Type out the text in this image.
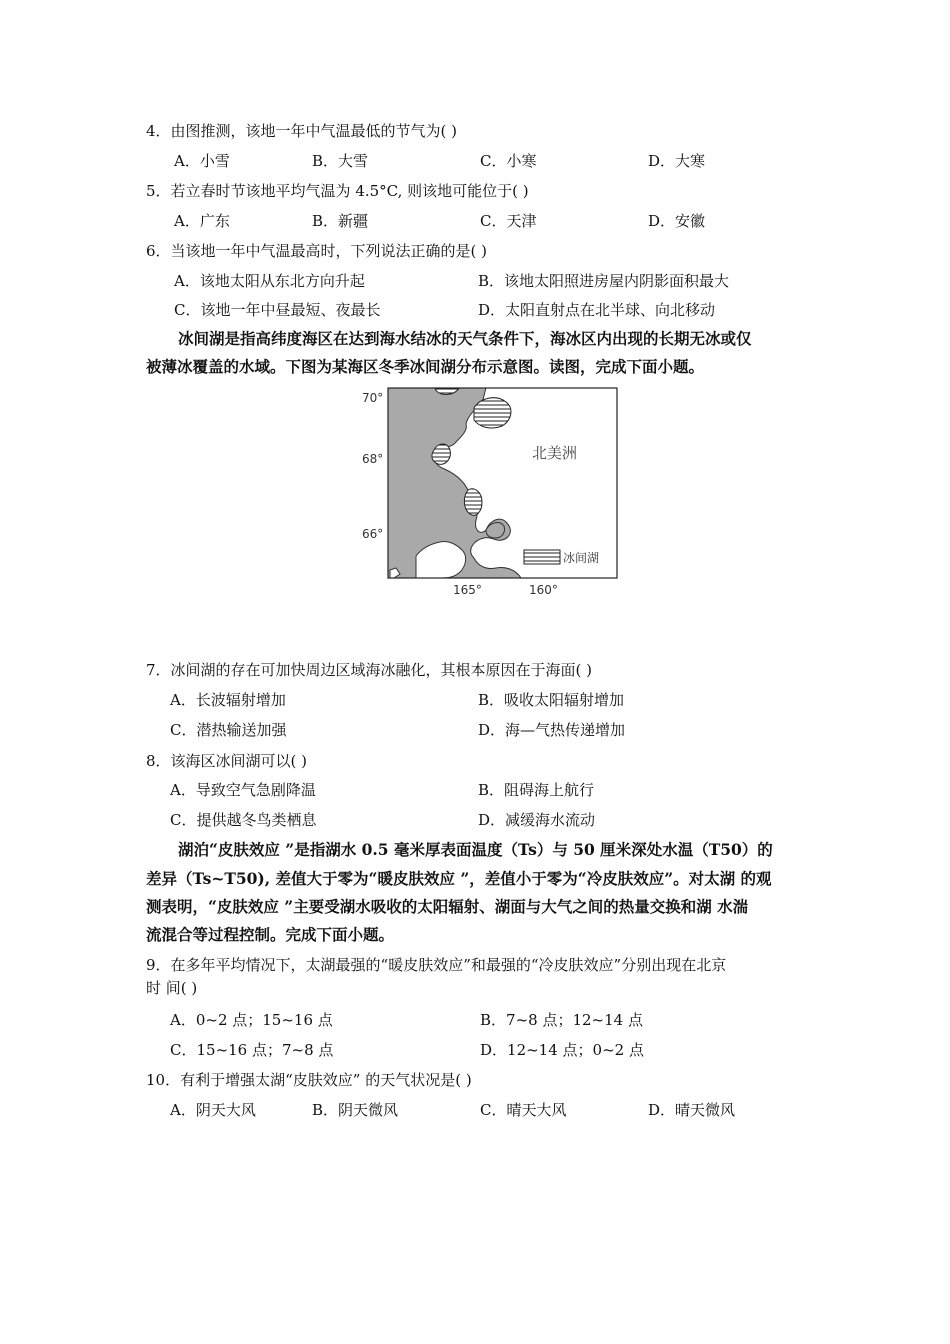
4．由图推测，该地一年中气温最低的节气为( )
A．小雪	B．大雪	C．小寒	D．大寒
5．若立春时节该地平均气温为 4.5°C, 则该地可能位于( )
A．广东	B．新疆	C．天津	D．安徽
6．当该地一年中气温最高时，下列说法正确的是( )
A．该地太阳从东北方向升起	B．该地太阳照进房屋内阴影面积最大
C．该地一年中昼最短、夜最长	D．太阳直射点在北半球、向北移动
冰间湖是指高纬度海区在达到海水结冰的天气条件下，海冰区内出现的长期无冰或仅
被薄冰覆盖的水域。下图为某海区冬季冰间湖分布示意图。读图，完成下面小题。
70°
68°
66°
165°	160°
北美洲
冰间湖
7．冰间湖的存在可加快周边区域海冰融化，其根本原因在于海面( )
A．长波辐射增加	B．吸收太阳辐射增加
C．潜热输送加强	D．海—气热传递增加
8．该海区冰间湖可以( )
A．导致空气急剧降温	B．阻碍海上航行
C．提供越冬鸟类栖息	D．减缓海水流动
湖泊“皮肤效应 ”是指湖水 0.5 毫米厚表面温度（Ts）与 50 厘米深处水温（T50）的
差异（Ts~T50), 差值大于零为“暖皮肤效应 ”，差值小于零为“冷皮肤效应”。对太湖 的观
测表明，“皮肤效应 ”主要受湖水吸收的太阳辐射、湖面与大气之间的热量交换和湖 水湍
流混合等过程控制。完成下面小题。
9．在多年平均情况下，太湖最强的“暖皮肤效应”和最强的“冷皮肤效应”分别出现在北京
时 间( )
A．0~2 点；15~16 点	B．7~8 点；12~14 点
C．15~16 点；7~8 点	D．12~14 点；0~2 点
10．有利于增强太湖“皮肤效应” 的天气状况是( )
A．阴天大风	B．阴天微风	C．晴天大风	D．晴天微风
